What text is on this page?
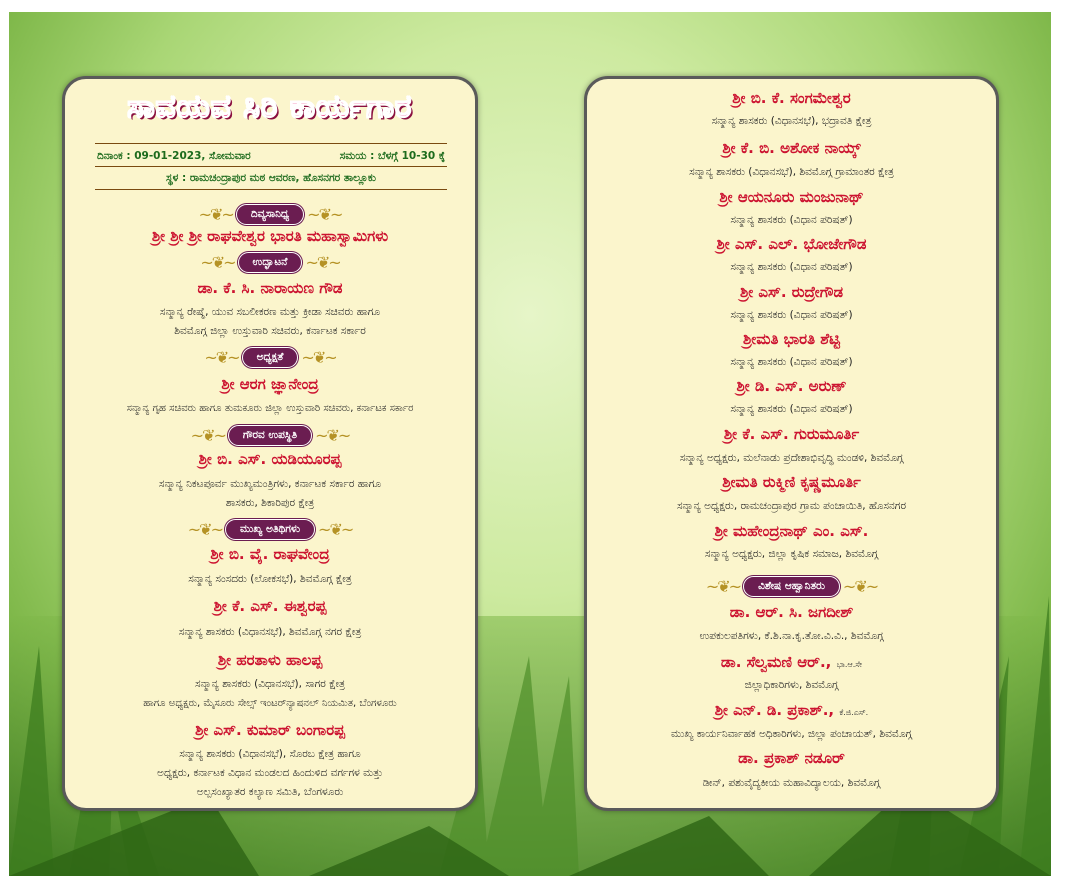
ಸಾವಯವ ಸಿರಿ ಕಾರ್ಯಗಾರ
ದಿನಾಂಕ : 09-01-2023, ಸೋಮವಾರ	ಸಮಯ : ಬೆಳಗ್ಗೆ 10-30 ಕ್ಕೆ
ಸ್ಥಳ : ರಾಮಚಂದ್ರಾಪುರ ಮಠ ಆವರಣ, ಹೊಸನಗರ ತಾಲ್ಲೂಕು
~❦~	ದಿವ್ಯಸಾನಿಧ್ಯ	~❦~
ಶ್ರೀ ಶ್ರೀ ಶ್ರೀ ರಾಘವೇಶ್ವರ ಭಾರತಿ ಮಹಾಸ್ವಾಮಿಗಳು
~❦~	ಉದ್ಘಾಟನೆ	~❦~
ಡಾ. ಕೆ. ಸಿ. ನಾರಾಯಣ ಗೌಡ
ಸನ್ಮಾನ್ಯ ರೇಷ್ಮೆ, ಯುವ ಸಬಲೀಕರಣ ಮತ್ತು ಕ್ರೀಡಾ ಸಚಿವರು ಹಾಗೂ
ಶಿವಮೊಗ್ಗ ಜಿಲ್ಲಾ ಉಸ್ತುವಾರಿ ಸಚಿವರು, ಕರ್ನಾಟಕ ಸರ್ಕಾರ
~❦~	ಅಧ್ಯಕ್ಷತೆ	~❦~
ಶ್ರೀ ಆರಗ ಜ್ಞಾನೇಂದ್ರ
ಸನ್ಮಾನ್ಯ ಗೃಹ ಸಚಿವರು ಹಾಗೂ ತುಮಕೂರು ಜಿಲ್ಲಾ ಉಸ್ತುವಾರಿ ಸಚಿವರು, ಕರ್ನಾಟಕ ಸರ್ಕಾರ
~❦~	ಗೌರವ ಉಪಸ್ಥಿತಿ	~❦~
ಶ್ರೀ ಬಿ. ಎಸ್. ಯಡಿಯೂರಪ್ಪ
ಸನ್ಮಾನ್ಯ ನಿಕಟಪೂರ್ವ ಮುಖ್ಯಮಂತ್ರಿಗಳು, ಕರ್ನಾಟಕ ಸರ್ಕಾರ ಹಾಗೂ
ಶಾಸಕರು, ಶಿಕಾರಿಪುರ ಕ್ಷೇತ್ರ
~❦~	ಮುಖ್ಯ ಅತಿಥಿಗಳು	~❦~
ಶ್ರೀ ಬಿ. ವೈ. ರಾಘವೇಂದ್ರ
ಸನ್ಮಾನ್ಯ ಸಂಸದರು (ಲೋಕಸಭೆ), ಶಿವಮೊಗ್ಗ ಕ್ಷೇತ್ರ
ಶ್ರೀ ಕೆ. ಎಸ್. ಈಶ್ವರಪ್ಪ
ಸನ್ಮಾನ್ಯ ಶಾಸಕರು (ವಿಧಾನಸಭೆ), ಶಿವಮೊಗ್ಗ ನಗರ ಕ್ಷೇತ್ರ
ಶ್ರೀ ಹರತಾಳು ಹಾಲಪ್ಪ
ಸನ್ಮಾನ್ಯ ಶಾಸಕರು (ವಿಧಾನಸಭೆ), ಸಾಗರ ಕ್ಷೇತ್ರ
ಹಾಗೂ ಅಧ್ಯಕ್ಷರು, ಮೈಸೂರು ಸೇಲ್ಸ್ ಇಂಟರ್‌ನ್ಯಾಷನಲ್ ನಿಯಮಿತ, ಬೆಂಗಳೂರು
ಶ್ರೀ ಎಸ್. ಕುಮಾರ್ ಬಂಗಾರಪ್ಪ
ಸನ್ಮಾನ್ಯ ಶಾಸಕರು (ವಿಧಾನಸಭೆ), ಸೊರಬ ಕ್ಷೇತ್ರ ಹಾಗೂ
ಅಧ್ಯಕ್ಷರು, ಕರ್ನಾಟಕ ವಿಧಾನ ಮಂಡಲದ ಹಿಂದುಳಿದ ವರ್ಗಗಳ ಮತ್ತು
ಅಲ್ಪಸಂಖ್ಯಾತರ ಕಲ್ಯಾಣ ಸಮಿತಿ, ಬೆಂಗಳೂರು
ಶ್ರೀ ಬಿ. ಕೆ. ಸಂಗಮೇಶ್ವರ
ಸನ್ಮಾನ್ಯ ಶಾಸಕರು (ವಿಧಾನಸಭೆ), ಭದ್ರಾವತಿ ಕ್ಷೇತ್ರ
ಶ್ರೀ ಕೆ. ಬಿ. ಅಶೋಕ ನಾಯ್ಕ್
ಸನ್ಮಾನ್ಯ ಶಾಸಕರು (ವಿಧಾನಸಭೆ), ಶಿವಮೊಗ್ಗ ಗ್ರಾಮಾಂತರ ಕ್ಷೇತ್ರ
ಶ್ರೀ ಆಯನೂರು ಮಂಜುನಾಥ್
ಸನ್ಮಾನ್ಯ ಶಾಸಕರು (ವಿಧಾನ ಪರಿಷತ್)
ಶ್ರೀ ಎಸ್. ಎಲ್. ಭೋಜೇಗೌಡ
ಸನ್ಮಾನ್ಯ ಶಾಸಕರು (ವಿಧಾನ ಪರಿಷತ್)
ಶ್ರೀ ಎಸ್. ರುದ್ರೇಗೌಡ
ಸನ್ಮಾನ್ಯ ಶಾಸಕರು (ವಿಧಾನ ಪರಿಷತ್)
ಶ್ರೀಮತಿ ಭಾರತಿ ಶೆಟ್ಟಿ
ಸನ್ಮಾನ್ಯ ಶಾಸಕರು (ವಿಧಾನ ಪರಿಷತ್)
ಶ್ರೀ ಡಿ. ಎಸ್. ಅರುಣ್
ಸನ್ಮಾನ್ಯ ಶಾಸಕರು (ವಿಧಾನ ಪರಿಷತ್)
ಶ್ರೀ ಕೆ. ಎಸ್. ಗುರುಮೂರ್ತಿ
ಸನ್ಮಾನ್ಯ ಅಧ್ಯಕ್ಷರು, ಮಲೆನಾಡು ಪ್ರದೇಶಾಭಿವೃದ್ಧಿ ಮಂಡಳಿ, ಶಿವಮೊಗ್ಗ
ಶ್ರೀಮತಿ ರುಕ್ಮಿಣಿ ಕೃಷ್ಣಮೂರ್ತಿ
ಸನ್ಮಾನ್ಯ ಅಧ್ಯಕ್ಷರು, ರಾಮಚಂದ್ರಾಪುರ ಗ್ರಾಮ ಪಂಚಾಯಿತಿ, ಹೊಸನಗರ
ಶ್ರೀ ಮಹೇಂದ್ರನಾಥ್ ಎಂ. ಎಸ್.
ಸನ್ಮಾನ್ಯ ಅಧ್ಯಕ್ಷರು, ಜಿಲ್ಲಾ ಕೃಷಿಕ ಸಮಾಜ, ಶಿವಮೊಗ್ಗ
~❦~	ವಿಶೇಷ ಆಹ್ವಾನಿತರು	~❦~
ಡಾ. ಆರ್. ಸಿ. ಜಗದೀಶ್
ಉಪಕುಲಪತಿಗಳು, ಕೆ.ಶಿ.ನಾ.ಕೃ.ತೋ.ವಿ.ವಿ., ಶಿವಮೊಗ್ಗ
ಡಾ. ಸೆಲ್ವಮಣಿ ಆರ್., ಭಾ.ಆ.ಸೇ
ಜಿಲ್ಲಾಧಿಕಾರಿಗಳು, ಶಿವಮೊಗ್ಗ
ಶ್ರೀ ಎನ್. ಡಿ. ಪ್ರಕಾಶ್., ಕೆ.ಜಿ.ಎಸ್.
ಮುಖ್ಯ ಕಾರ್ಯನಿರ್ವಾಹಕ ಅಧಿಕಾರಿಗಳು, ಜಿಲ್ಲಾ ಪಂಚಾಯತ್, ಶಿವಮೊಗ್ಗ
ಡಾ. ಪ್ರಕಾಶ್ ನಡೂರ್
ಡೀನ್, ಪಶುವೈದ್ಯಕೀಯ ಮಹಾವಿದ್ಯಾಲಯ, ಶಿವಮೊಗ್ಗ
